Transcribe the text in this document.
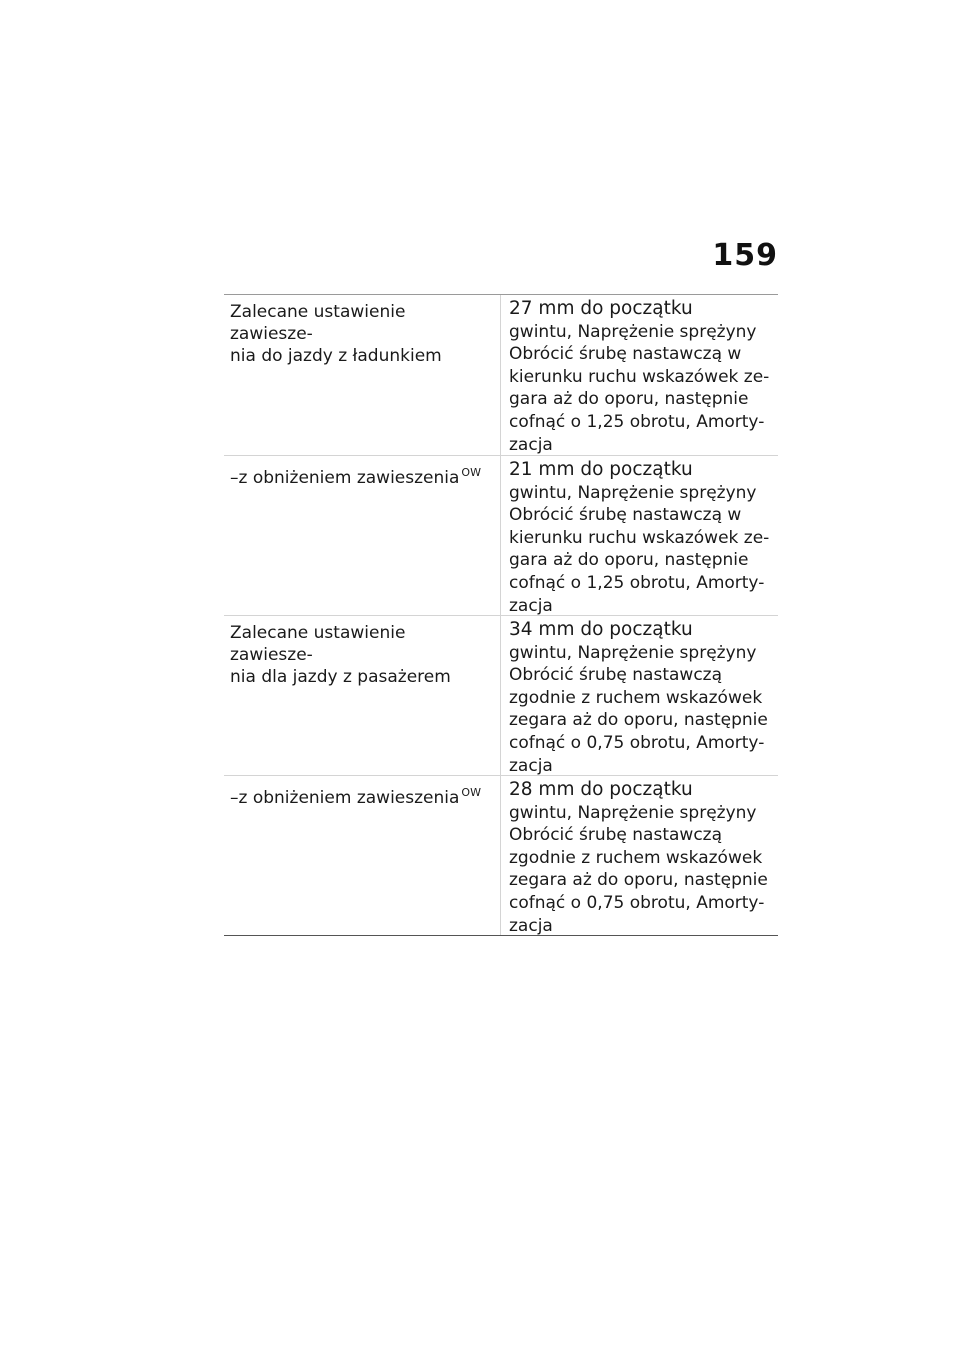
159
Zalecane ustawienie zawiesze-
nia do jazdy z ładunkiem
27 mm do początku
gwintu, Naprężenie sprężyny
Obrócić śrubę nastawczą w
kierunku ruchu wskazówek ze-
gara aż do oporu, następnie
cofnąć o 1,25 obrotu, Amorty-
zacja
–z obniżeniem zawieszenia $^{OW}$	21 mm do początku
gwintu, Naprężenie sprężyny
Obrócić śrubę nastawczą w
kierunku ruchu wskazówek ze-
gara aż do oporu, następnie
cofnąć o 1,25 obrotu, Amorty-
zacja
Zalecane ustawienie zawiesze-
nia dla jazdy z pasażerem
34 mm do początku
gwintu, Naprężenie sprężyny
Obrócić śrubę nastawczą
zgodnie z ruchem wskazówek
zegara aż do oporu, następnie
cofnąć o 0,75 obrotu, Amorty-
zacja
–z obniżeniem zawieszenia $^{OW}$	28 mm do początku
gwintu, Naprężenie sprężyny
Obrócić śrubę nastawczą
zgodnie z ruchem wskazówek
zegara aż do oporu, następnie
cofnąć o 0,75 obrotu, Amorty-
zacja
